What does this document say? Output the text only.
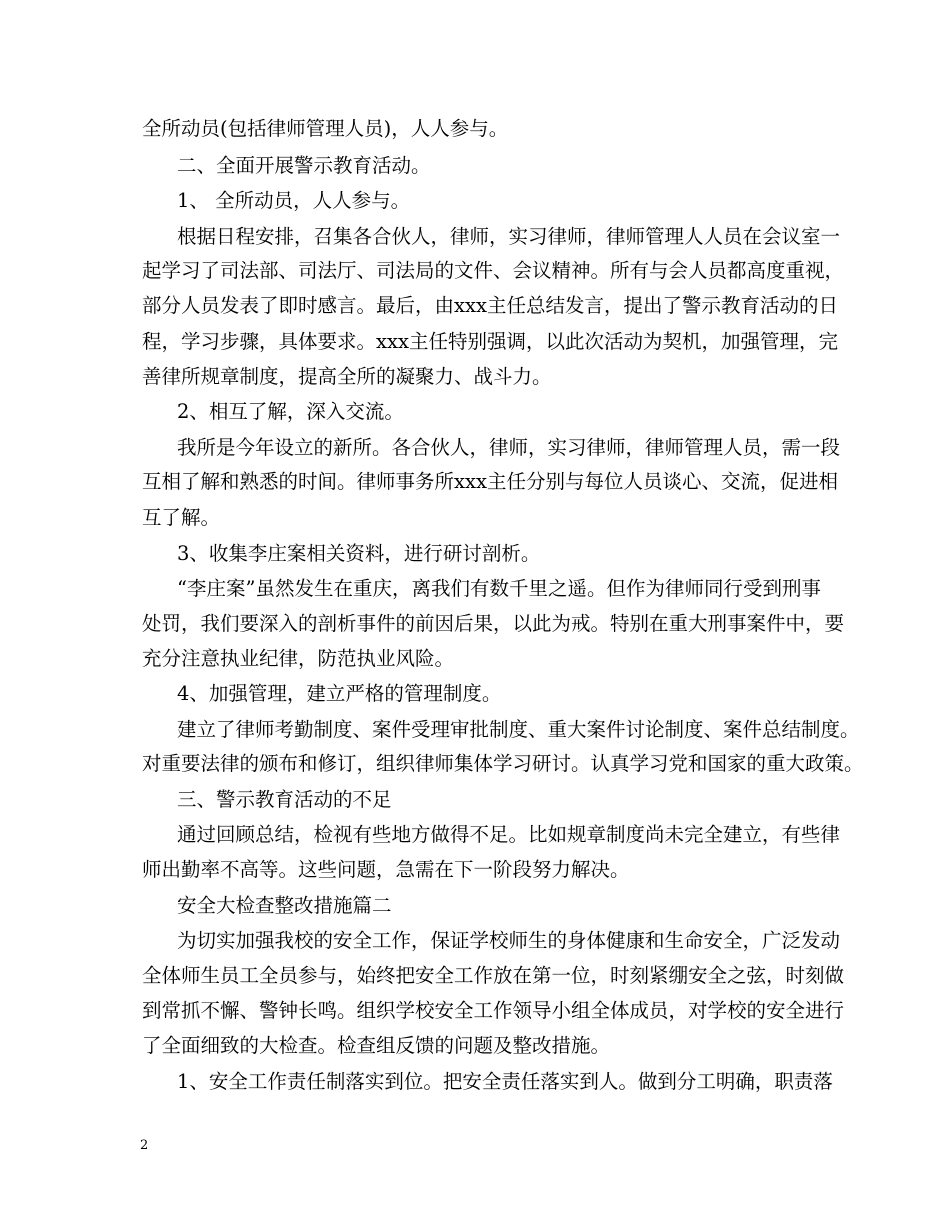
全所动员(包括律师管理人员)，人人参与。
二、全面开展警示教育活动。
1、 全所动员，人人参与。
根据日程安排，召集各合伙人，律师，实习律师，律师管理人人员在会议室一
起学习了司法部、司法厅、司法局的文件、会议精神。所有与会人员都高度重视，
部分人员发表了即时感言。最后，由xxx主任总结发言，提出了警示教育活动的日
程，学习步骤，具体要求。xxx主任特别强调，以此次活动为契机，加强管理，完
善律所规章制度，提高全所的凝聚力、战斗力。
2、相互了解，深入交流。
我所是今年设立的新所。各合伙人，律师，实习律师，律师管理人员，需一段
互相了解和熟悉的时间。律师事务所xxx主任分别与每位人员谈心、交流，促进相
互了解。
3、收集李庄案相关资料，进行研讨剖析。
“李庄案”虽然发生在重庆，离我们有数千里之遥。但作为律师同行受到刑事
处罚，我们要深入的剖析事件的前因后果，以此为戒。特别在重大刑事案件中，要
充分注意执业纪律，防范执业风险。
4、加强管理，建立严格的管理制度。
建立了律师考勤制度、案件受理审批制度、重大案件讨论制度、案件总结制度。
对重要法律的颁布和修订，组织律师集体学习研讨。认真学习党和国家的重大政策。
三、警示教育活动的不足
通过回顾总结，检视有些地方做得不足。比如规章制度尚未完全建立，有些律
师出勤率不高等。这些问题，急需在下一阶段努力解决。
安全大检查整改措施篇二
为切实加强我校的安全工作，保证学校师生的身体健康和生命安全，广泛发动
全体师生员工全员参与，始终把安全工作放在第一位，时刻紧绷安全之弦，时刻做
到常抓不懈、警钟长鸣。组织学校安全工作领导小组全体成员，对学校的安全进行
了全面细致的大检查。检查组反馈的问题及整改措施。
1、安全工作责任制落实到位。把安全责任落实到人。做到分工明确，职责落
2
